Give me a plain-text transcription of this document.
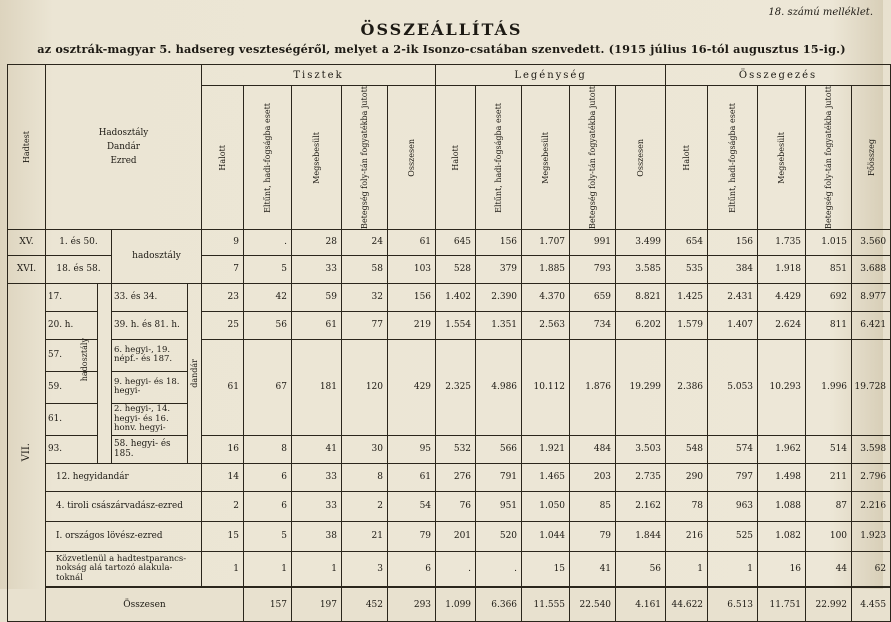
18. számú melléklet.
ÖSSZEÁLLÍTÁS
az osztrák-magyar 5. hadsereg veszteségéről, melyet a 2-ik Isonzo-csatában szenvedett. (1915 július 16-tól augusztus 15-ig.)
Hadtest	Hadosztály
Dandár
Ezred				Tisztek					Legénység					Összegezés					

					Halott	Eltűnt, hadi-fogságba esett	Megsebesült	Betegség foly-tán fogyatékba jutott	Összesen	Halott	Eltűnt, hadi-fogságba esett	Megsebesült	Betegség foly-tán fogyatékba jutott	Összesen	Halott	Eltűnt, hadi-fogságba esett	Megsebesült	Betegség foly-tán fogyatékba jutott	Főösszeg	

XV.	1. és 50.		hadosztály		9	.	28	24	61	645	156	1.707	991	3.499	654	156	1.735	1.015	3.560	
XVI.	18. és 58.				7	5	33	58	103	528	379	1.885	793	3.585	535	384	1.918	851	3.688	

VII.	17.		33. és 34.	dandár	23	42	59	32	156	1.402	2.390	4.370	659	8.821	1.425	2.431	4.429	692	8.977	
	20. h.		39. h. és 81. h.		25	56	61	77	219	1.554	1.351	2.563	734	6.202	1.579	1.407	2.624	811	6.421	
	57.		6. hegyi-, 19. népf.- és 187.		61	67	181	120	429	2.325	4.986	10.112	1.876	19.299	2.386	5.053	10.293	1.996	19.728	
	59.		9. hegyi- és 18. hegyi-																	
	61.		2. hegyi-, 14. hegyi- és 16. honv. hegyi-																	
	93.		58. hegyi- és 185.		16	8	41	30	95	532	566	1.921	484	3.503	548	574	1.962	514	3.598	
	12. hegyidandár				14	6	33	8	61	276	791	1.465	203	2.735	290	797	1.498	211	2.796	
	4. tiroli császárvadász-ezred				2	6	33	2	54	76	951	1.050	85	2.162	78	963	1.088	87	2.216	
	I. országos lövész-ezred				15	5	38	21	79	201	520	1.044	79	1.844	216	525	1.082	100	1.923	
	Közvetlenül a hadtestparancs-nokság alá tartozó alakula-toknál				1	1	1	3	6	.	.	15	41	56	1	1	16	44	62	
	Összesen					157	197	452	293	1.099	6.366	11.555	22.540	4.161	44.622	6.513	11.751	22.992	4.455	
hadosztály
